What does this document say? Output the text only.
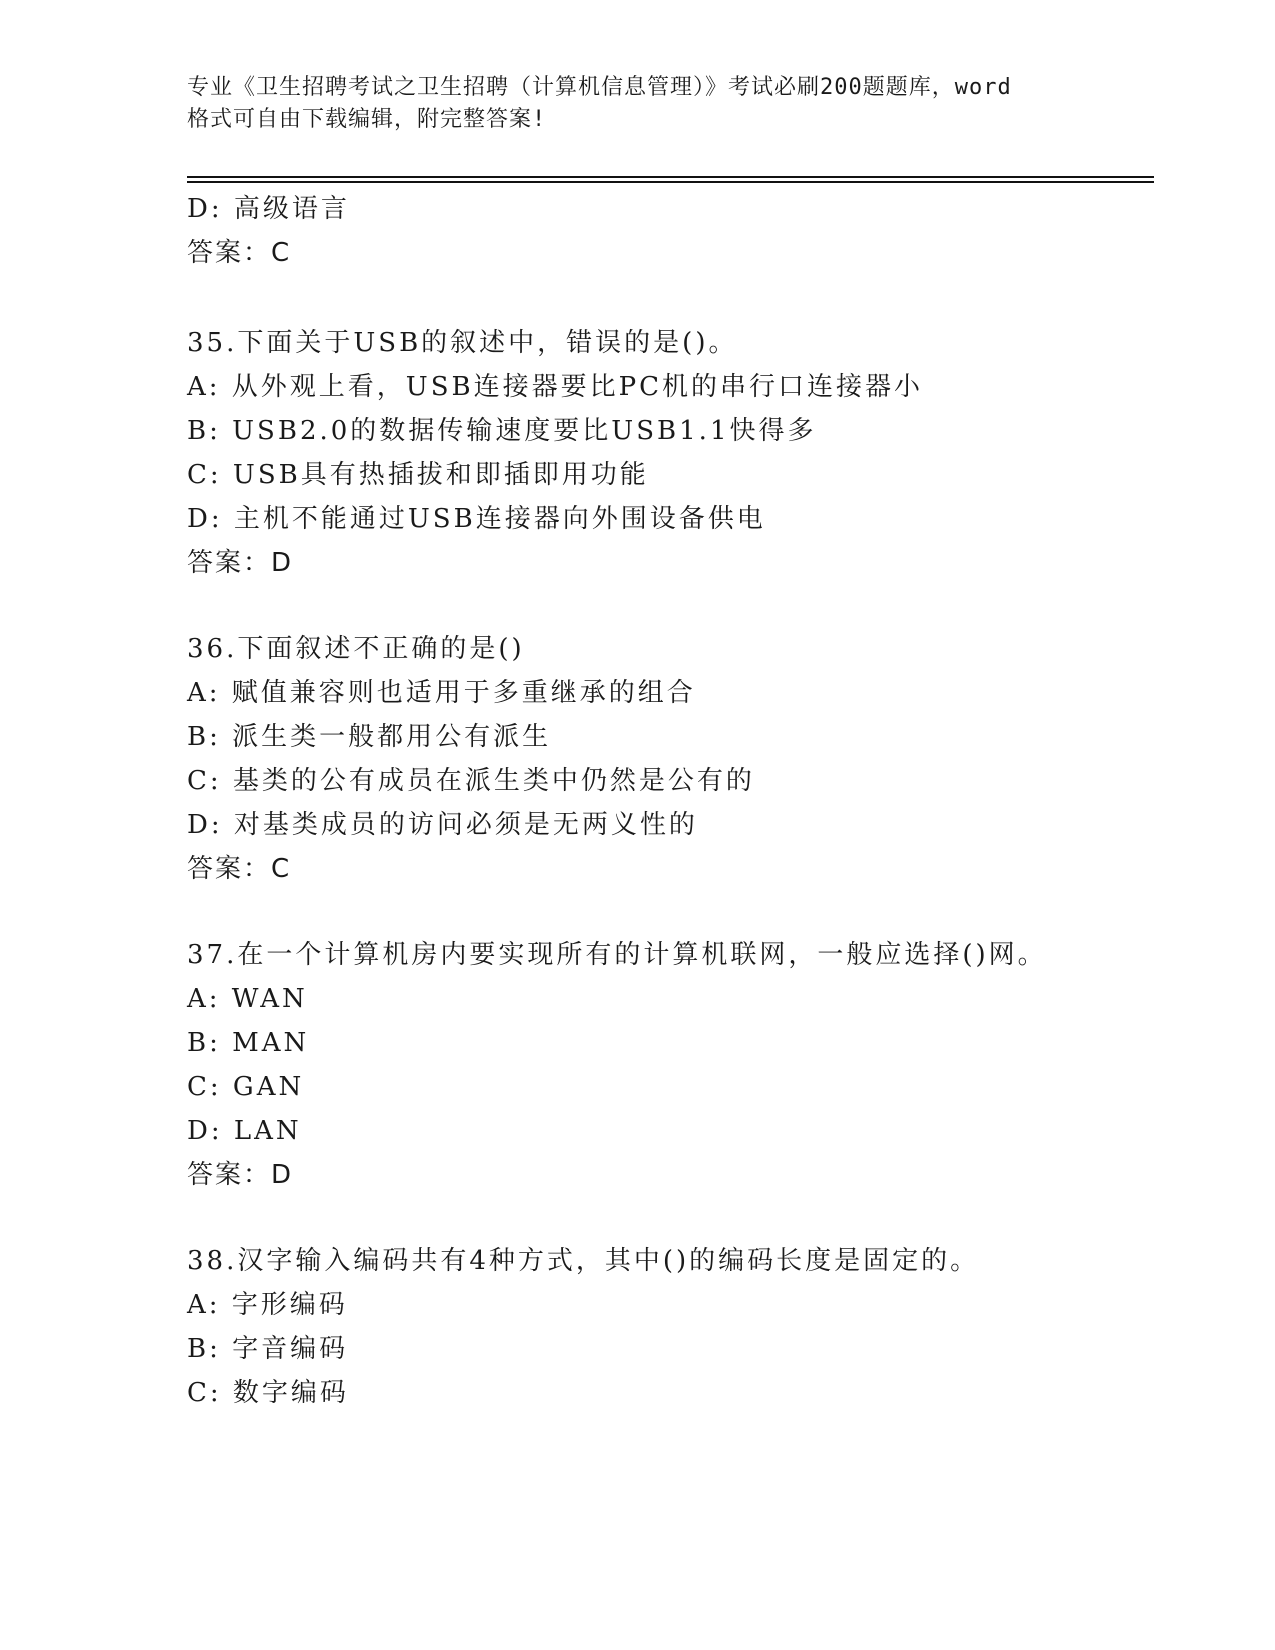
专业《卫生招聘考试之卫生招聘（计算机信息管理）》考试必刷200题题库，word
格式可自由下载编辑，附完整答案!
D: 高级语言
答案：C
35.下面关于USB的叙述中，错误的是()。
A: 从外观上看，USB连接器要比PC机的串行口连接器小
B: USB2.0的数据传输速度要比USB1.1快得多
C: USB具有热插拔和即插即用功能
D: 主机不能通过USB连接器向外围设备供电
答案：D
36.下面叙述不正确的是()
A: 赋值兼容则也适用于多重继承的组合
B: 派生类一般都用公有派生
C: 基类的公有成员在派生类中仍然是公有的
D: 对基类成员的访问必须是无两义性的
答案：C
37.在一个计算机房内要实现所有的计算机联网，一般应选择()网。
A: WAN
B: MAN
C: GAN
D: LAN
答案：D
38.汉字输入编码共有4种方式，其中()的编码长度是固定的。
A: 字形编码
B: 字音编码
C: 数字编码
